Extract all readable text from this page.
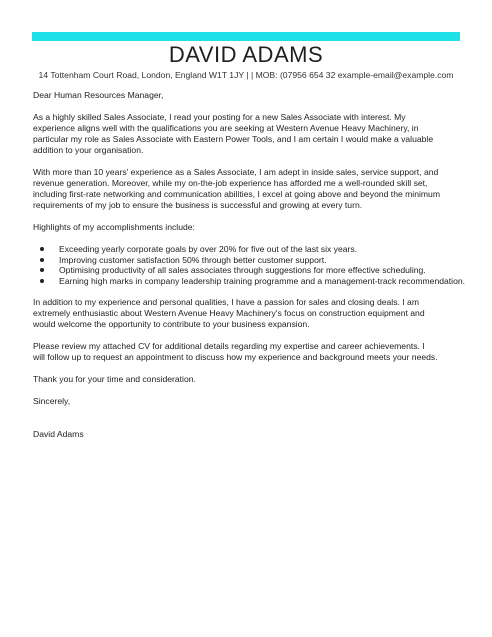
DAVID ADAMS
14 Tottenham Court Road, London, England W1T 1JY | | MOB: (07956 654 32 example-email@example.com

Dear Human Resources Manager,

As a highly skilled Sales Associate, I read your posting for a new Sales Associate with interest. My
experience aligns well with the qualifications you are seeking at Western Avenue Heavy Machinery, in
particular my role as Sales Associate with Eastern Power Tools, and I am certain I would make a valuable
addition to your organisation.

With more than 10 years' experience as a Sales Associate, I am adept in inside sales, service support, and
revenue generation. Moreover, while my on-the-job experience has afforded me a well-rounded skill set,
including first-rate networking and communication abilities, I excel at going above and beyond the minimum
requirements of my job to ensure the business is successful and growing at every turn.

Highlights of my accomplishments include:

Exceeding yearly corporate goals by over 20% for five out of the last six years.
Improving customer satisfaction 50% through better customer support.
Optimising productivity of all sales associates through suggestions for more effective scheduling.
Earning high marks in company leadership training programme and a management-track recommendation.

In addition to my experience and personal qualities, I have a passion for sales and closing deals. I am
extremely enthusiastic about Western Avenue Heavy Machinery's focus on construction equipment and
would welcome the opportunity to contribute to your business expansion.

Please review my attached CV for additional details regarding my expertise and career achievements. I
will follow up to request an appointment to discuss how my experience and background meets your needs.

Thank you for your time and consideration.

Sincerely,

David Adams
